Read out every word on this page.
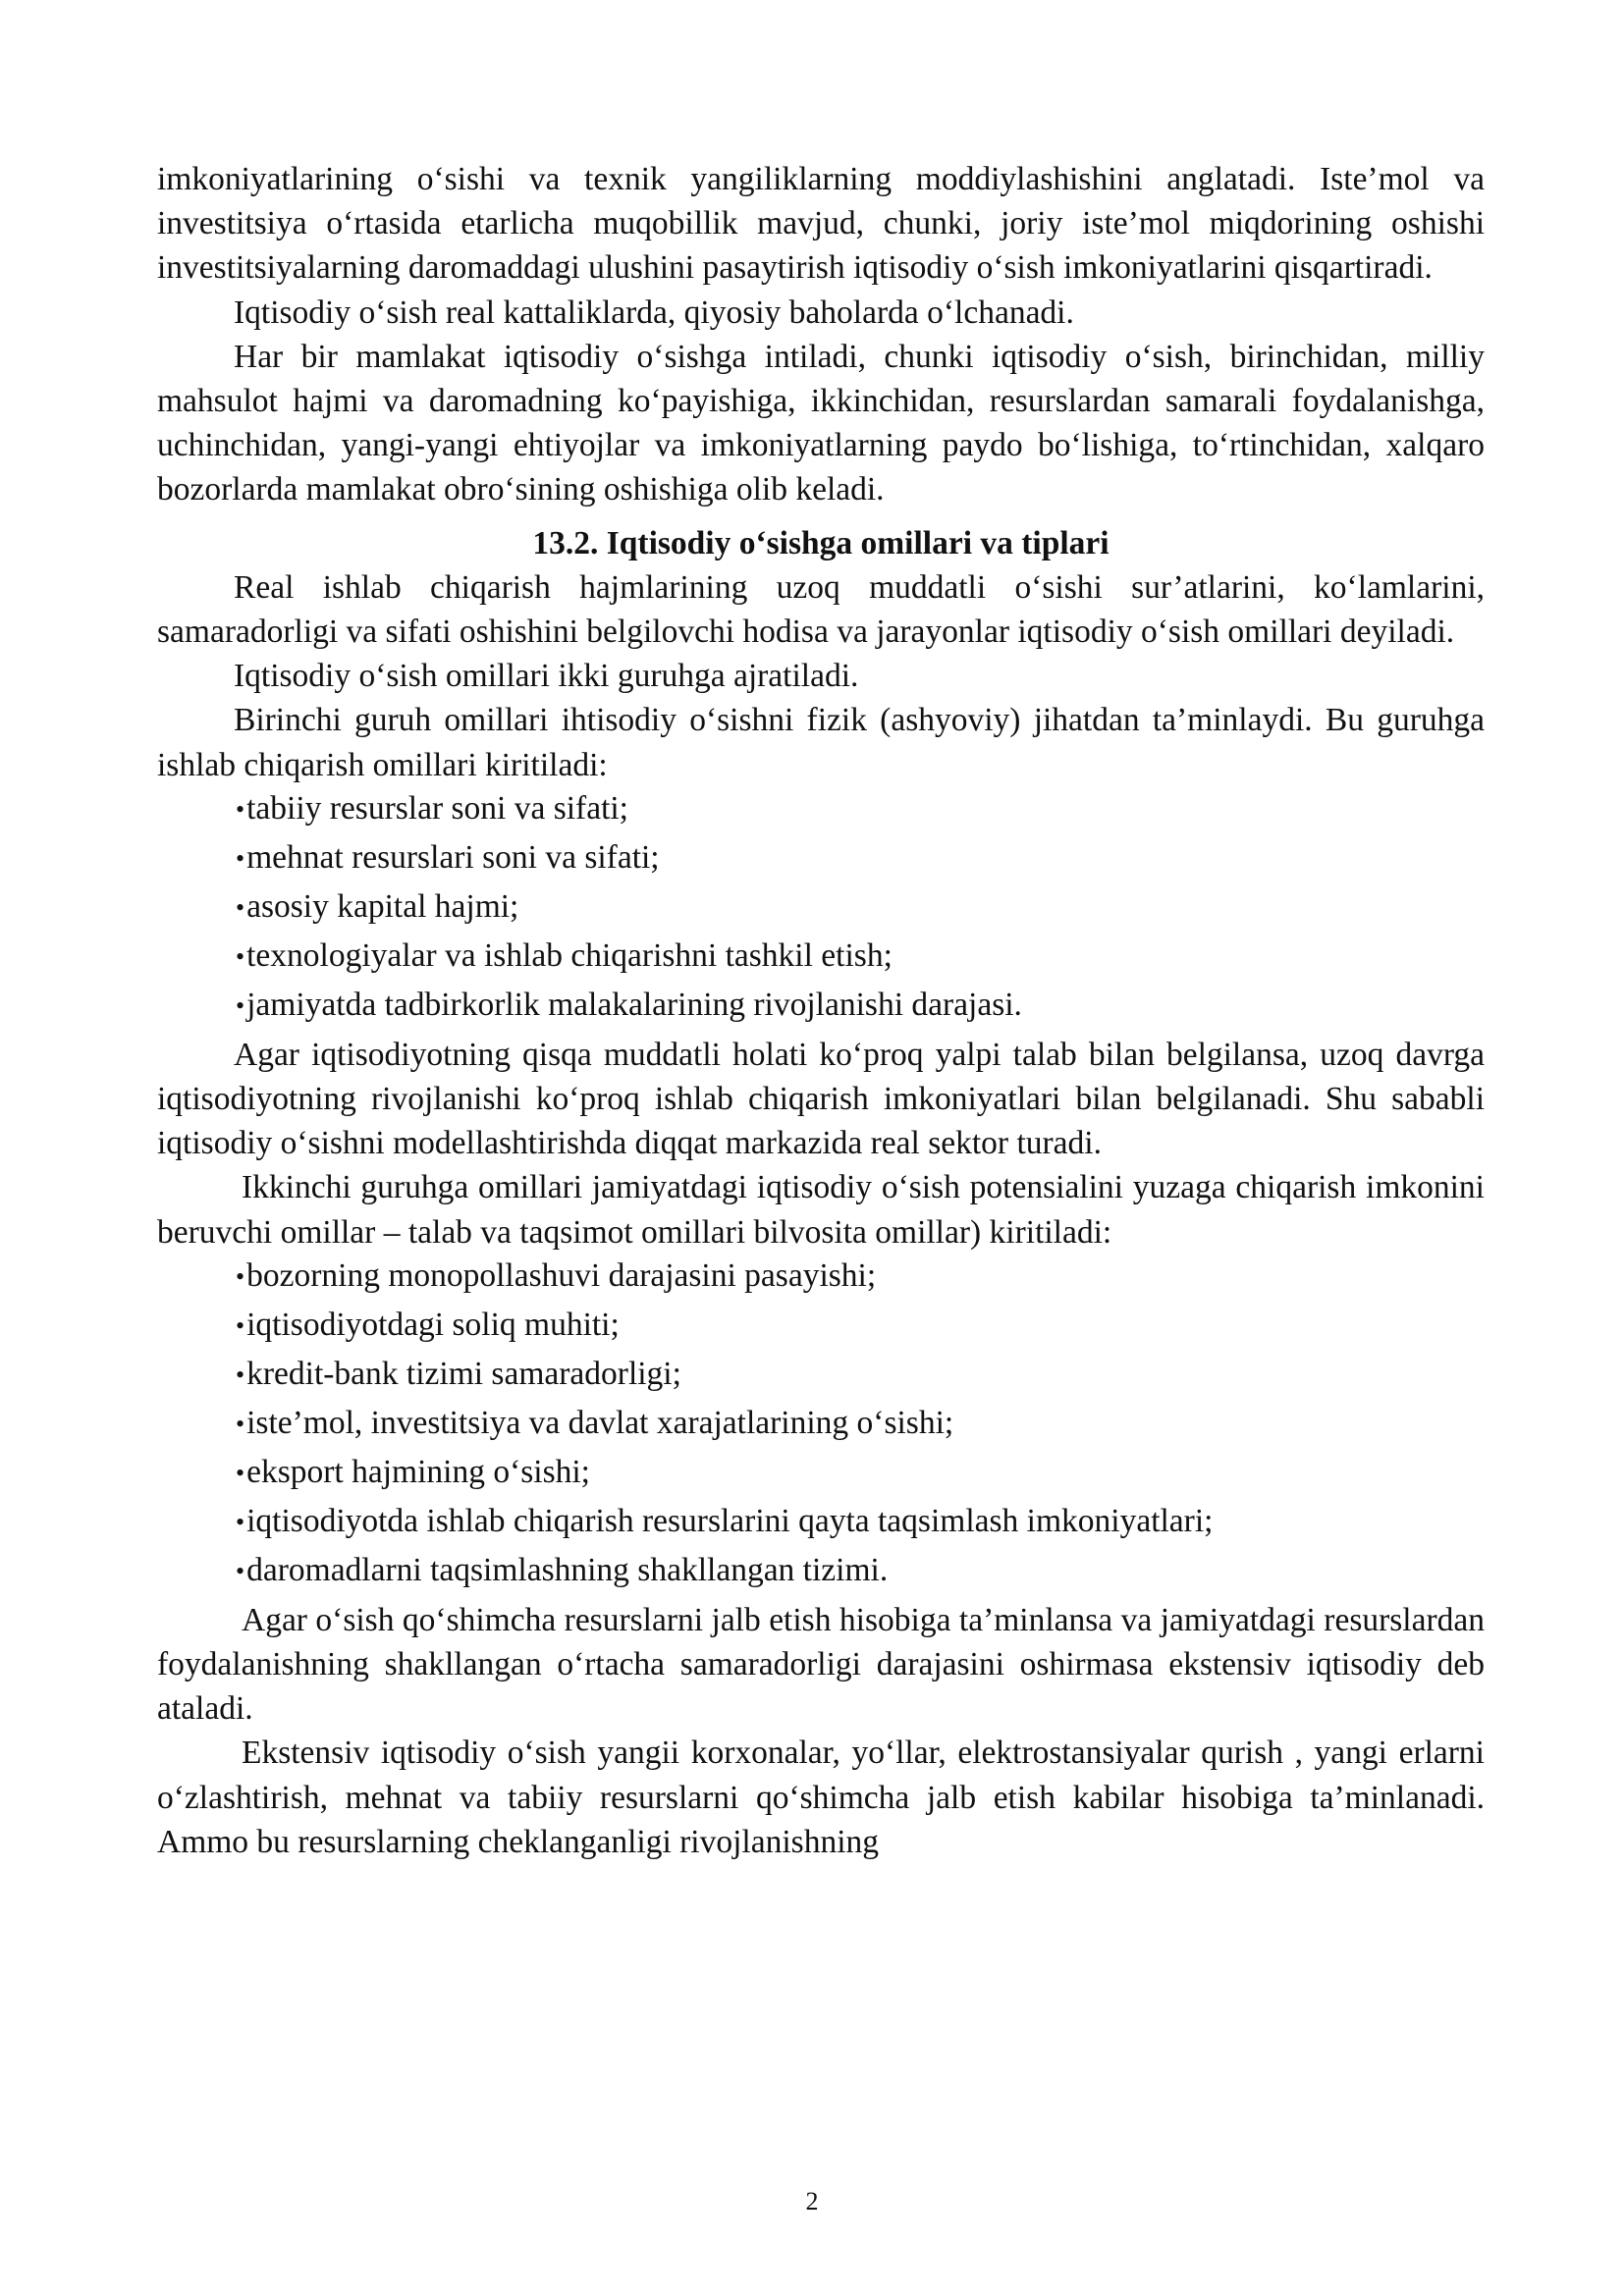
imkoniyatlarining o‘sishi va texnik yangiliklarning moddiylashishini anglatadi. Iste’mol va investitsiya o‘rtasida etarlicha muqobillik mavjud, chunki, joriy iste’mol miqdorining oshishi investitsiyalarning daromaddagi ulushini pasaytirish iqtisodiy o‘sish imkoniyatlarini qisqartiradi.

Iqtisodiy o‘sish real kattaliklarda, qiyosiy baholarda o‘lchanadi.

Har bir mamlakat iqtisodiy o‘sishga intiladi, chunki iqtisodiy o‘sish, birinchidan, milliy mahsulot hajmi va daromadning ko‘payishiga, ikkinchidan, resurslardan samarali foydalanishga, uchinchidan, yangi-yangi ehtiyojlar va imkoniyatlarning paydo bo‘lishiga, to‘rtinchidan, xalqaro bozorlarda mamlakat obro‘sining oshishiga olib keladi.

13.2. Iqtisodiy o‘sishga omillari va tiplari

Real ishlab chiqarish hajmlarining uzoq muddatli o‘sishi sur’atlarini, ko‘lamlarini, samaradorligi va sifati oshishini belgilovchi hodisa va jarayonlar iqtisodiy o‘sish omillari deyiladi.

Iqtisodiy o‘sish omillari ikki guruhga ajratiladi.

Birinchi guruh omillari ihtisodiy o‘sishni fizik (ashyoviy) jihatdan ta’minlaydi. Bu guruhga ishlab chiqarish omillari kiritiladi:

•tabiiy resurslar soni va sifati;
•mehnat resurslari soni va sifati;
•asosiy kapital hajmi;
•texnologiyalar va ishlab chiqarishni tashkil etish;
•jamiyatda tadbirkorlik malakalarining rivojlanishi darajasi.

Agar iqtisodiyotning qisqa muddatli holati ko‘proq yalpi talab bilan belgilansa, uzoq davrga iqtisodiyotning rivojlanishi ko‘proq ishlab chiqarish imkoniyatlari bilan belgilanadi. Shu sababli iqtisodiy o‘sishni modellashtirishda diqqat markazida real sektor turadi.

Ikkinchi guruhga omillari jamiyatdagi iqtisodiy o‘sish potensialini yuzaga chiqarish imkonini beruvchi omillar – talab va taqsimot omillari bilvosita omillar) kiritiladi:

•bozorning monopollashuvi darajasini pasayishi;
•iqtisodiyotdagi soliq muhiti;
•kredit-bank tizimi samaradorligi;
•iste’mol, investitsiya va davlat xarajatlarining o‘sishi;
•eksport hajmining o‘sishi;
•iqtisodiyotda ishlab chiqarish resurslarini qayta taqsimlash imkoniyatlari;
•daromadlarni taqsimlashning shakllangan tizimi.

Agar o‘sish qo‘shimcha resurslarni jalb etish hisobiga ta’minlansa va jamiyatdagi resurslardan foydalanishning shakllangan o‘rtacha samaradorligi darajasini oshirmasa ekstensiv iqtisodiy deb ataladi.

Ekstensiv iqtisodiy o‘sish yangii korxonalar, yo‘llar, elektrostansiyalar qurish , yangi erlarni o‘zlashtirish, mehnat va tabiiy resurslarni qo‘shimcha jalb etish kabilar hisobiga ta’minlanadi. Ammo bu resurslarning cheklanganligi rivojlanishning

2
